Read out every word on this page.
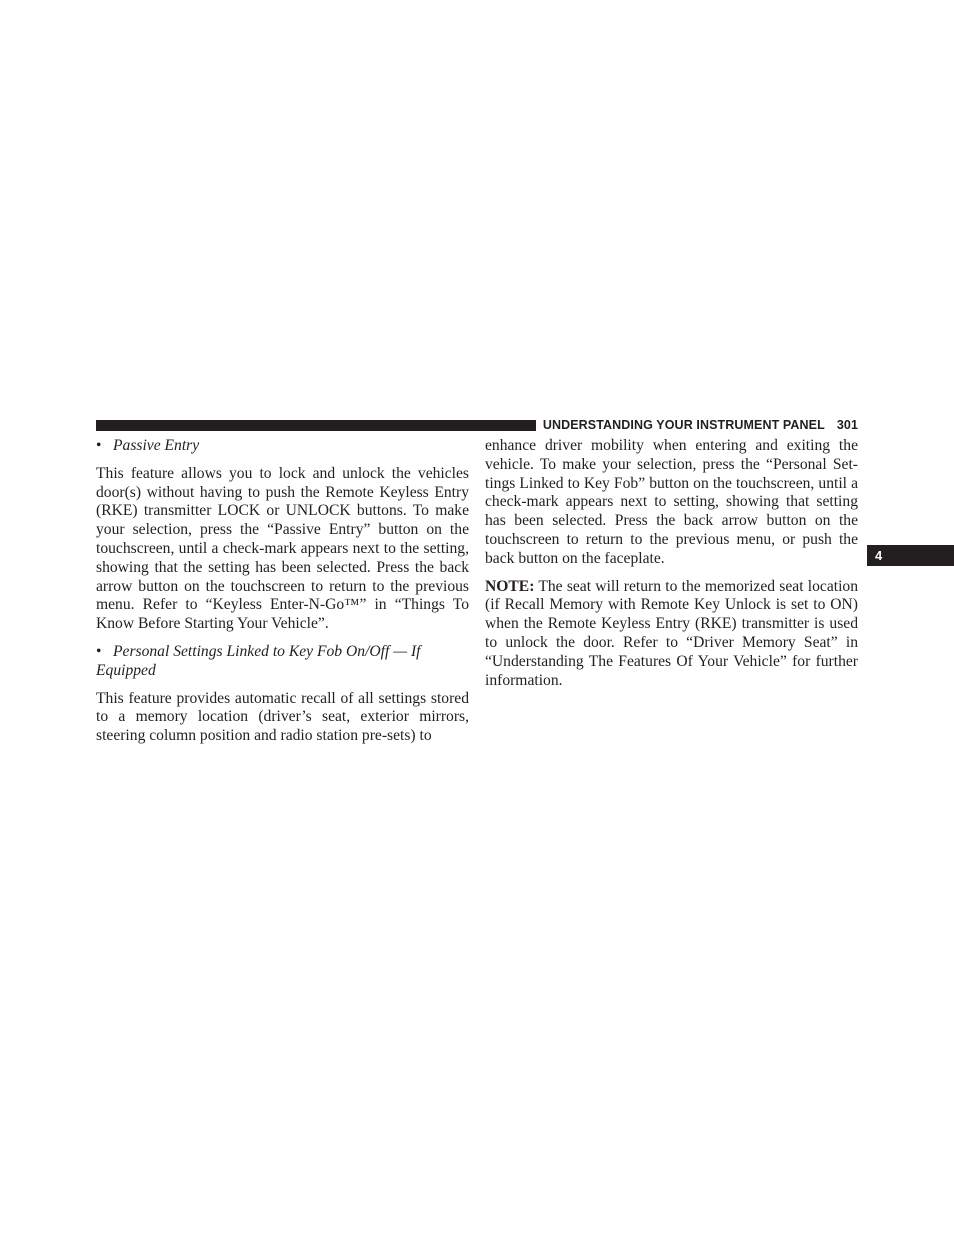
UNDERSTANDING YOUR INSTRUMENT PANEL 301
4
• Passive Entry

This feature allows you to lock and unlock the vehicles door(s) without having to push the Remote Keyless Entry (RKE) transmitter LOCK or UNLOCK buttons. To make your selection, press the “Passive Entry” button on the touchscreen, until a check-mark appears next to the setting, showing that the setting has been selected. Press the back arrow button on the touchscreen to return to the previous menu. Refer to “Keyless Enter-N-Go™” in “Things To Know Before Starting Your Vehicle”.

• Personal Settings Linked to Key Fob On/Off — If Equipped

This feature provides automatic recall of all settings stored to a memory location (driver’s seat, exterior mirrors, steering column position and radio station pre-sets) to

enhance driver mobility when entering and exiting the vehicle. To make your selection, press the “Personal Settings Linked to Key Fob” button on the touchscreen, until a check-mark appears next to setting, showing that setting has been selected. Press the back arrow button on the touchscreen to return to the previous menu, or push the back button on the faceplate.

NOTE: The seat will return to the memorized seat location (if Recall Memory with Remote Key Unlock is set to ON) when the Remote Keyless Entry (RKE) transmitter is used to unlock the door. Refer to “Driver Memory Seat” in “Understanding The Features Of Your Vehicle” for further information.
